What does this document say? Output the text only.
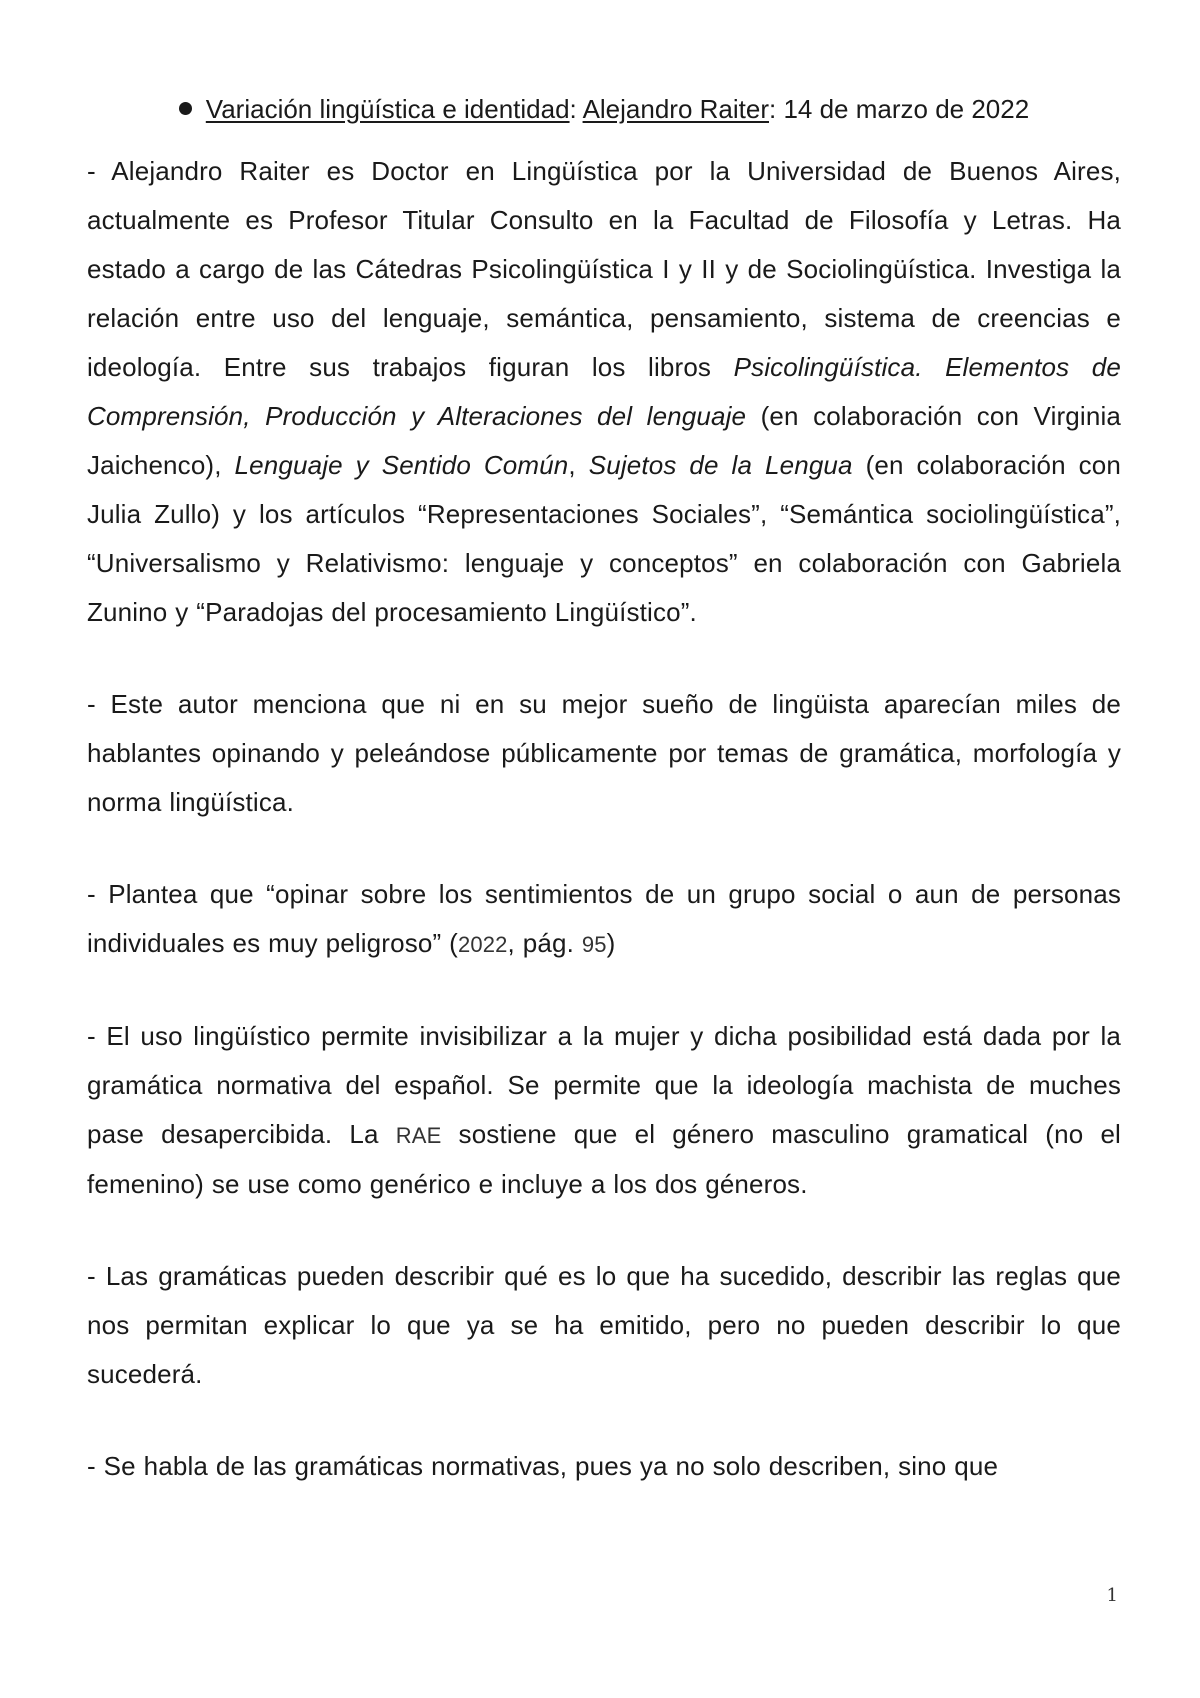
Variación lingüística e identidad: Alejandro Raiter: 14 de marzo de 2022

- Alejandro Raiter es Doctor en Lingüística por la Universidad de Buenos Aires, actualmente es Profesor Titular Consulto en la Facultad de Filosofía y Letras. Ha estado a cargo de las Cátedras Psicolingüística I y II y de Sociolingüística. Investiga la relación entre uso del lenguaje, semántica, pensamiento, sistema de creencias e ideología. Entre sus trabajos figuran los libros Psicolingüística. Elementos de Comprensión, Producción y Alteraciones del lenguaje (en colaboración con Virginia Jaichenco), Lenguaje y Sentido Común, Sujetos de la Lengua (en colaboración con Julia Zullo) y los artículos “Representaciones Sociales”, “Semántica sociolingüística”, “Universalismo y Relativismo: lenguaje y conceptos” en colaboración con Gabriela Zunino y “Paradojas del procesamiento Lingüístico”.

- Este autor menciona que ni en su mejor sueño de lingüista aparecían miles de hablantes opinando y peleándose públicamente por temas de gramática, morfología y norma lingüística.

- Plantea que “opinar sobre los sentimientos de un grupo social o aun de personas individuales es muy peligroso” (2022, pág. 95)

- El uso lingüístico permite invisibilizar a la mujer y dicha posibilidad está dada por la gramática normativa del español. Se permite que la ideología machista de muches pase desapercibida. La RAE sostiene que el género masculino gramatical (no el femenino) se use como genérico e incluye a los dos géneros.

- Las gramáticas pueden describir qué es lo que ha sucedido, describir las reglas que nos permitan explicar lo que ya se ha emitido, pero no pueden describir lo que sucederá.

- Se habla de las gramáticas normativas, pues ya no solo describen, sino que

1
